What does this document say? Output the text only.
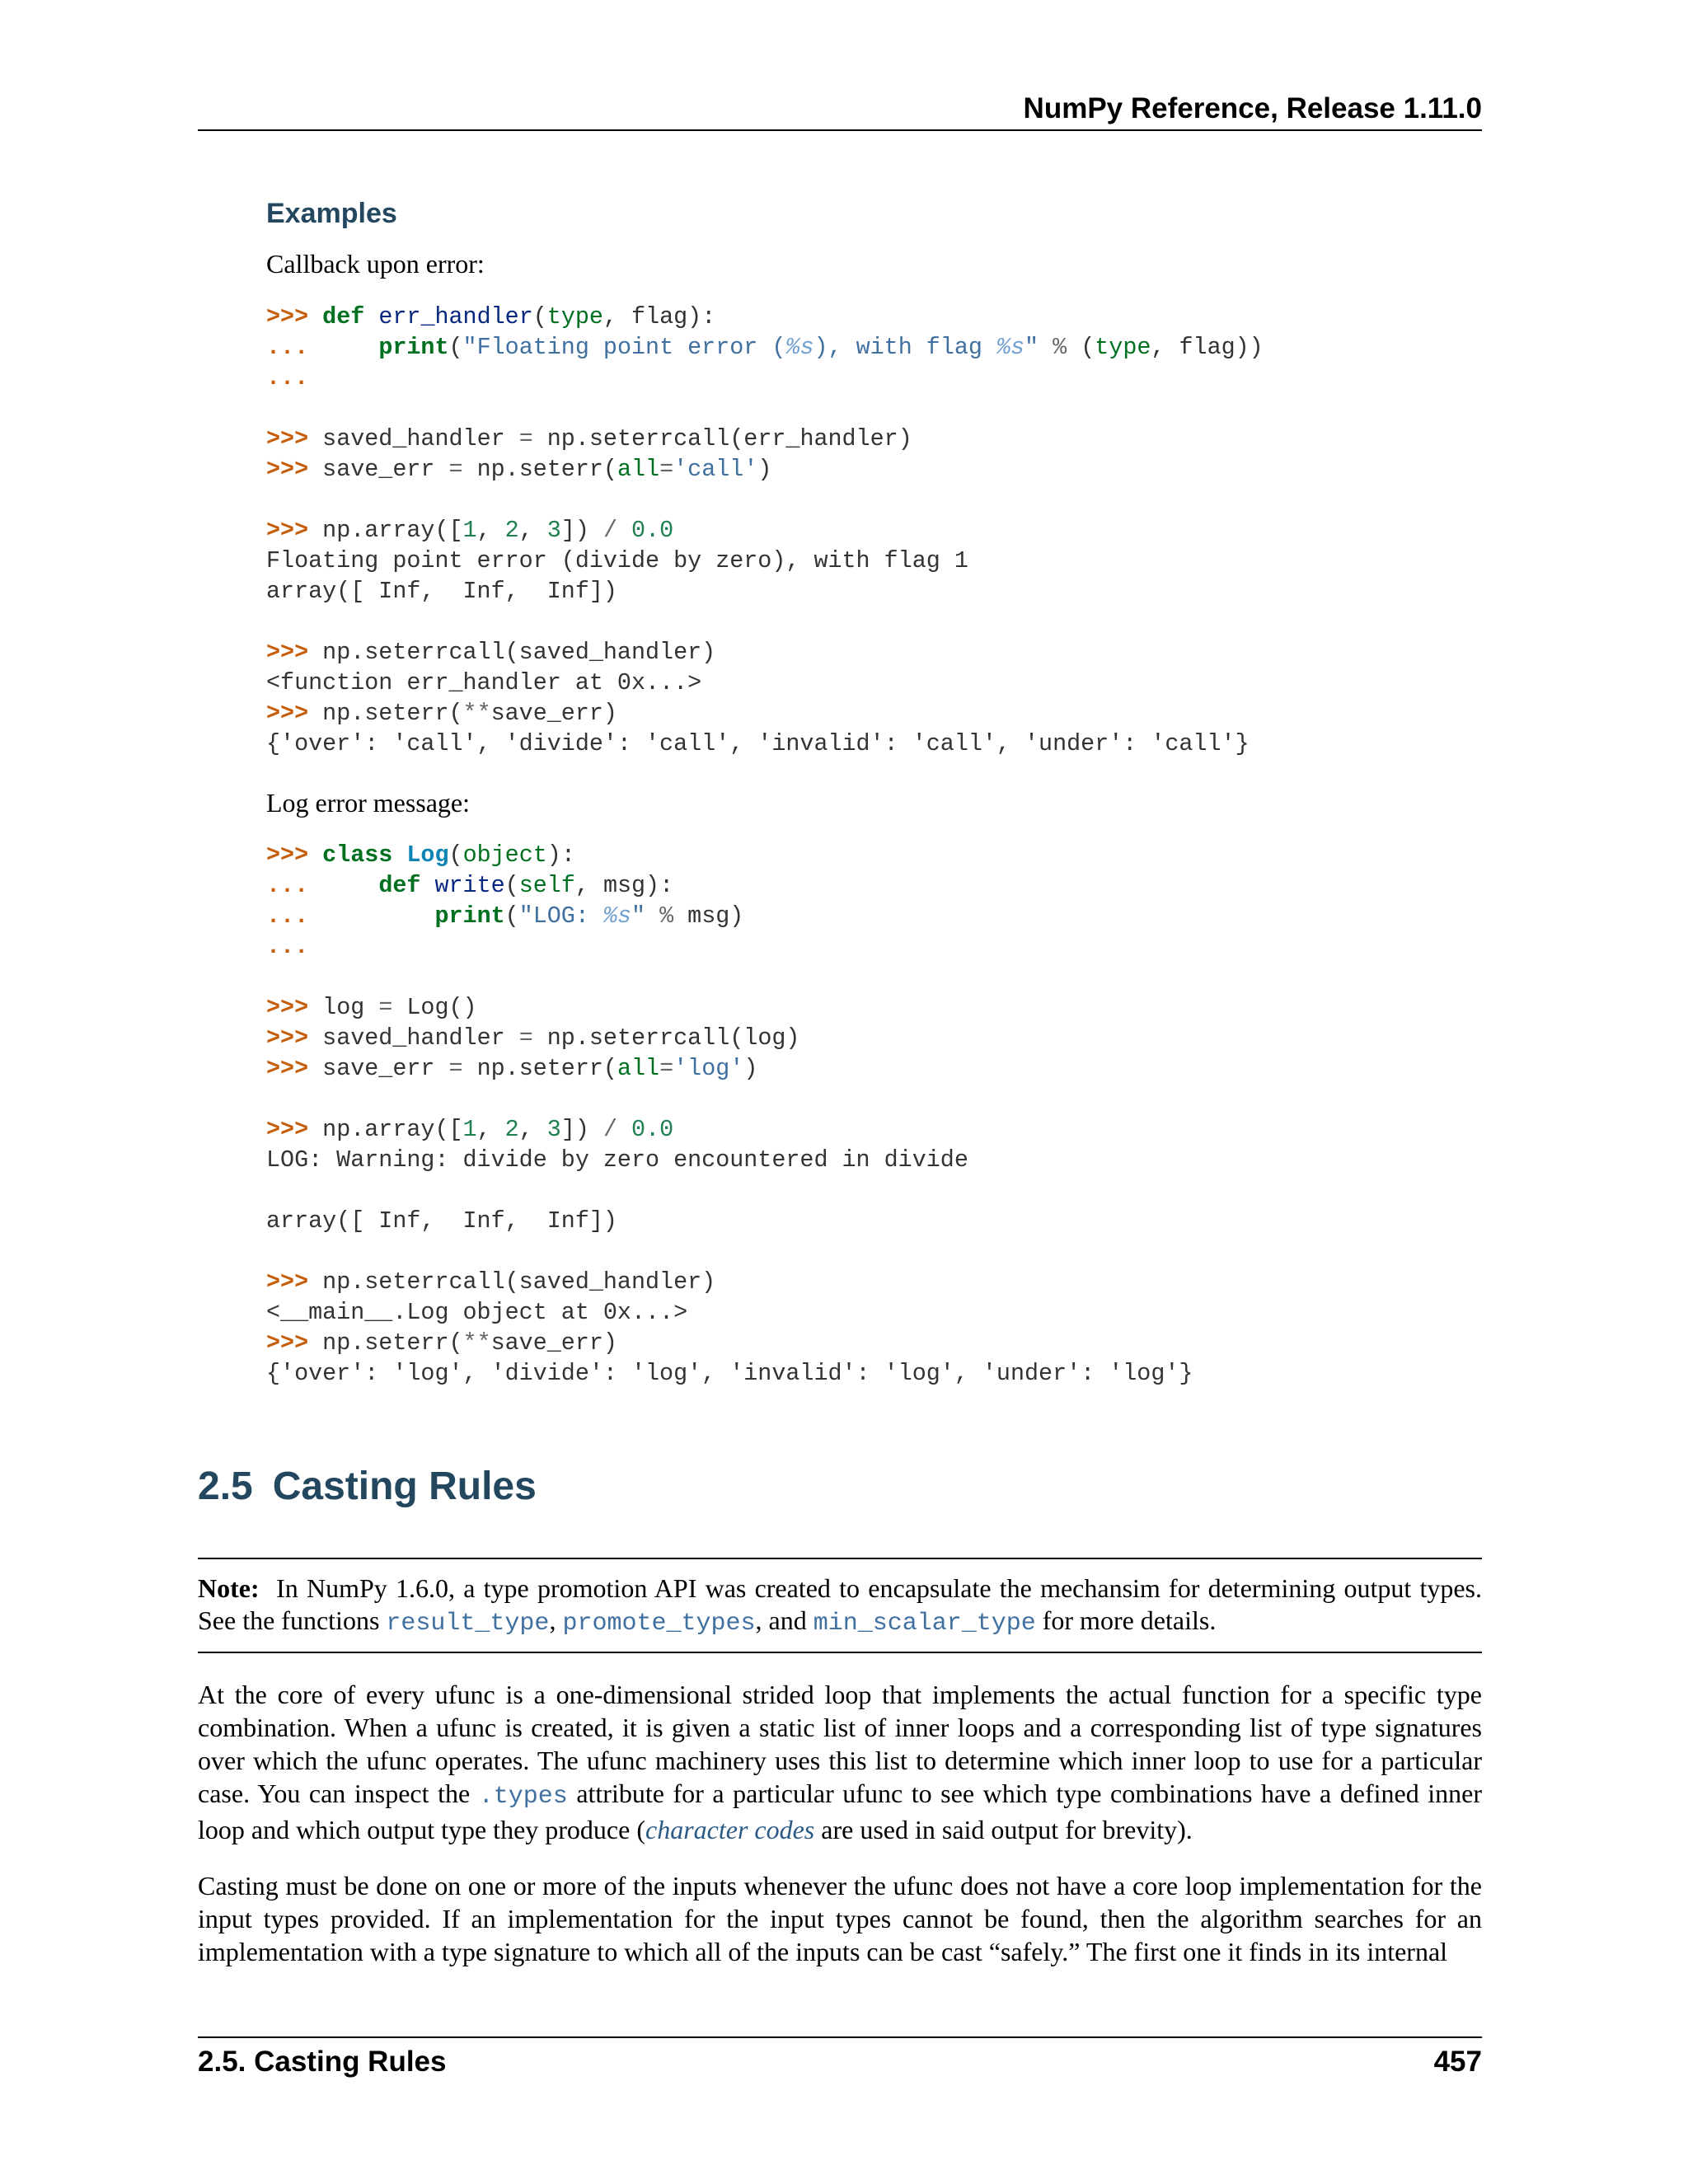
NumPy Reference, Release 1.11.0
Examples
Callback upon error:
>>> def err_handler(type, flag):
...     print("Floating point error (%s), with flag %s" % (type, flag))
...
>>> saved_handler = np.seterrcall(err_handler)
>>> save_err = np.seterr(all='call')
>>> np.array([1, 2, 3]) / 0.0
Floating point error (divide by zero), with flag 1
array([ Inf,  Inf,  Inf])
>>> np.seterrcall(saved_handler)
<function err_handler at 0x...>
>>> np.seterr(**save_err)
{'over': 'call', 'divide': 'call', 'invalid': 'call', 'under': 'call'}
Log error message:
>>> class Log(object):
...     def write(self, msg):
...         print("LOG: %s" % msg)
...
>>> log = Log()
>>> saved_handler = np.seterrcall(log)
>>> save_err = np.seterr(all='log')
>>> np.array([1, 2, 3]) / 0.0
LOG: Warning: divide by zero encountered in divide
array([ Inf,  Inf,  Inf])
>>> np.seterrcall(saved_handler)
<__main__.Log object at 0x...>
>>> np.seterr(**save_err)
{'over': 'log', 'divide': 'log', 'invalid': 'log', 'under': 'log'}
2.5 Casting Rules
Note: In NumPy 1.6.0, a type promotion API was created to encapsulate the mechansim for determining output types. See the functions result_type, promote_types, and min_scalar_type for more details.
At the core of every ufunc is a one-dimensional strided loop that implements the actual function for a specific type combination. When a ufunc is created, it is given a static list of inner loops and a corresponding list of type signatures over which the ufunc operates. The ufunc machinery uses this list to determine which inner loop to use for a particular case. You can inspect the .types attribute for a particular ufunc to see which type combinations have a defined inner loop and which output type they produce (character codes are used in said output for brevity).
Casting must be done on one or more of the inputs whenever the ufunc does not have a core loop implementation for the input types provided. If an implementation for the input types cannot be found, then the algorithm searches for an implementation with a type signature to which all of the inputs can be cast “safely.” The first one it finds in its internal
2.5. Casting Rules	457
